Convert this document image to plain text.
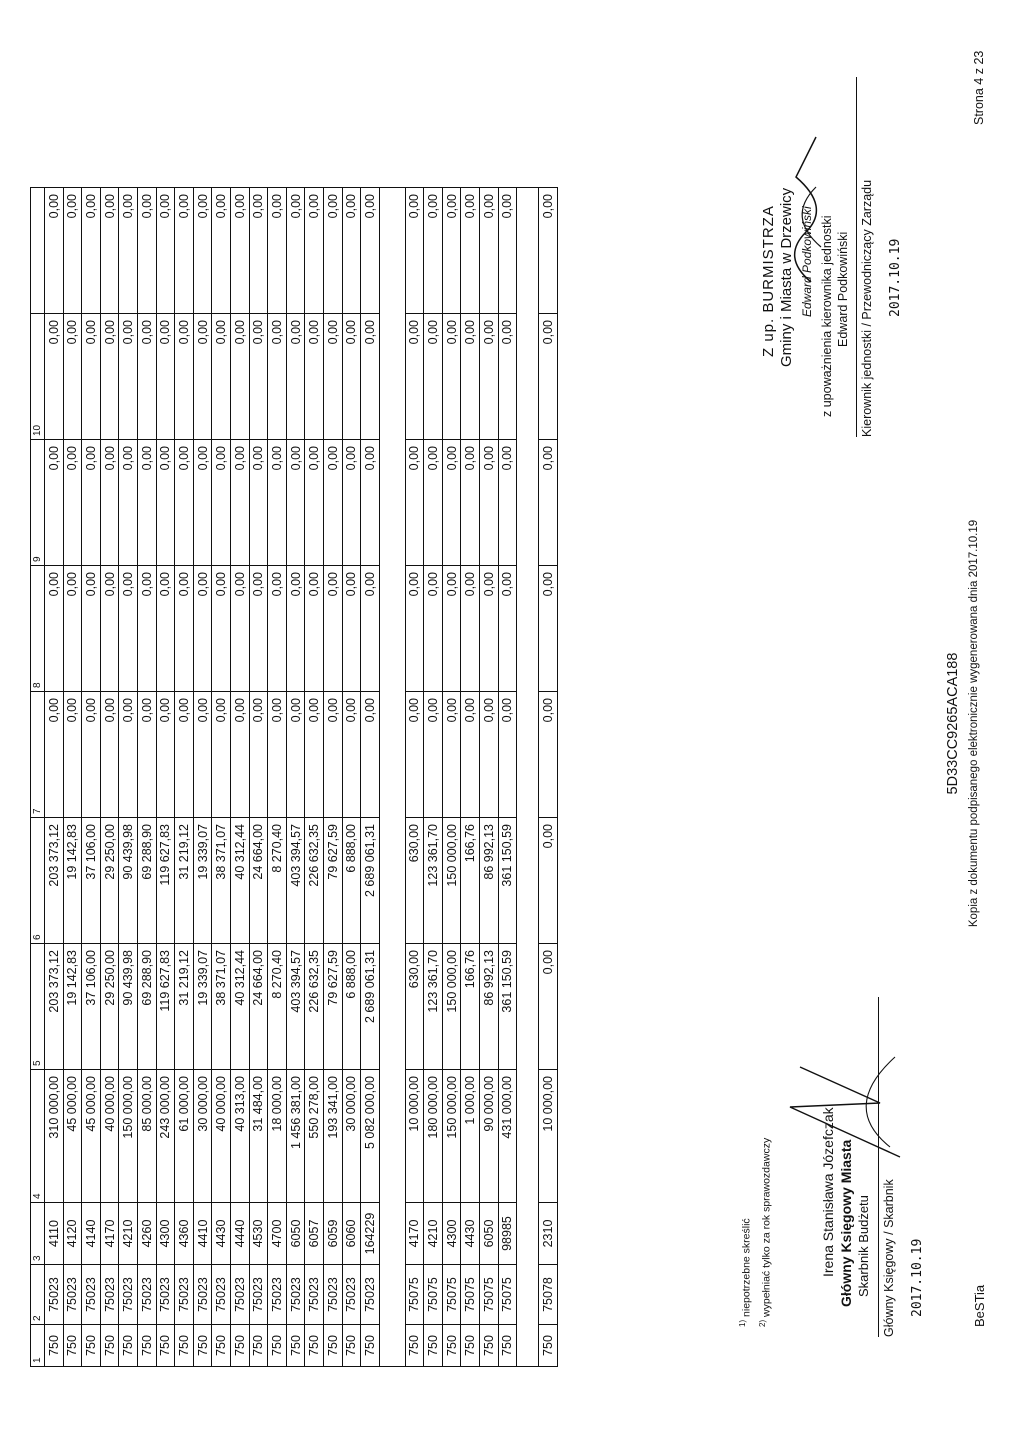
1	2	3	4	5	6	7	8	9	10	
750	75023	4110	310 000,00	203 373,12	203 373,12	0,00	0,00	0,00	0,00	0,00
750	75023	4120	45 000,00	19 142,83	19 142,83	0,00	0,00	0,00	0,00	0,00
750	75023	4140	45 000,00	37 106,00	37 106,00	0,00	0,00	0,00	0,00	0,00
750	75023	4170	40 000,00	29 250,00	29 250,00	0,00	0,00	0,00	0,00	0,00
750	75023	4210	150 000,00	90 439,98	90 439,98	0,00	0,00	0,00	0,00	0,00
750	75023	4260	85 000,00	69 288,90	69 288,90	0,00	0,00	0,00	0,00	0,00
750	75023	4300	243 000,00	119 627,83	119 627,83	0,00	0,00	0,00	0,00	0,00
750	75023	4360	61 000,00	31 219,12	31 219,12	0,00	0,00	0,00	0,00	0,00
750	75023	4410	30 000,00	19 339,07	19 339,07	0,00	0,00	0,00	0,00	0,00
750	75023	4430	40 000,00	38 371,07	38 371,07	0,00	0,00	0,00	0,00	0,00
750	75023	4440	40 313,00	40 312,44	40 312,44	0,00	0,00	0,00	0,00	0,00
750	75023	4530	31 484,00	24 664,00	24 664,00	0,00	0,00	0,00	0,00	0,00
750	75023	4700	18 000,00	8 270,40	8 270,40	0,00	0,00	0,00	0,00	0,00
750	75023	6050	1 456 381,00	403 394,57	403 394,57	0,00	0,00	0,00	0,00	0,00
750	75023	6057	550 278,00	226 632,35	226 632,35	0,00	0,00	0,00	0,00	0,00
750	75023	6059	193 341,00	79 627,59	79 627,59	0,00	0,00	0,00	0,00	0,00
750	75023	6060	30 000,00	6 888,00	6 888,00	0,00	0,00	0,00	0,00	0,00
750	75023	164229	5 082 000,00	2 689 061,31	2 689 061,31	0,00	0,00	0,00	0,00	0,00

750	75075	4170	10 000,00	630,00	630,00	0,00	0,00	0,00	0,00	0,00
750	75075	4210	180 000,00	123 361,70	123 361,70	0,00	0,00	0,00	0,00	0,00
750	75075	4300	150 000,00	150 000,00	150 000,00	0,00	0,00	0,00	0,00	0,00
750	75075	4430	1 000,00	166,76	166,76	0,00	0,00	0,00	0,00	0,00
750	75075	6050	90 000,00	86 992,13	86 992,13	0,00	0,00	0,00	0,00	0,00
750	75075	98985	431 000,00	361 150,59	361 150,59	0,00	0,00	0,00	0,00	0,00

750	75078	2310	10 000,00	0,00	0,00	0,00	0,00	0,00	0,00	0,00
$^{1)}$ niepotrzebne skreślić
$^{2)}$ wypełniać tylko za rok sprawozdawczy	Irena Stanisława Józefczak Główny Księgowy Miasta Skarbnik Budżetu Główny Księgowy / Skarbnik 2017.10.19
5D33CC9265ACA188 Kopia z dokumentu podpisanego elektronicznie wygenerowana dnia 2017.10.19
Z up. BURMISTRZA Gminy i Miasta w Drzewicy Edward Podkowiński z upoważnienia kierownika jednostki Edward Podkowiński Kierownik jednostki / Przewodniczący Zarządu 2017.10.19
BeSTia
Strona 4 z 23
